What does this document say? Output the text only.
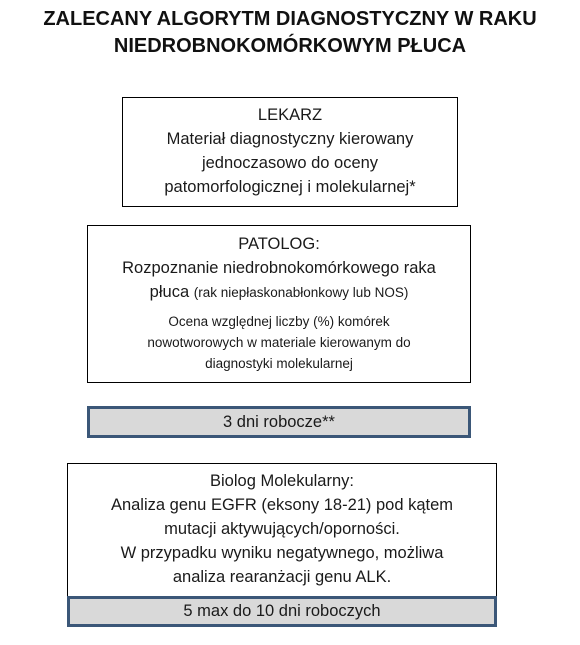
ZALECANY ALGORYTM DIAGNOSTYCZNY W RAKU
NIEDROBNOKOMÓRKOWYM PŁUCA
LEKARZ
Materiał diagnostyczny kierowany
jednoczasowo do oceny
patomorfologicznej i molekularnej*
PATOLOG:
Rozpoznanie niedrobnokomórkowego raka
płuca (rak niepłaskonabłonkowy lub NOS)
Ocena względnej liczby (%) komórek
nowotworowych w materiale kierowanym do
diagnostyki molekularnej
3 dni robocze**
Biolog Molekularny:
Analiza genu EGFR (eksony 18-21) pod kątem
mutacji aktywujących/oporności.
W przypadku wyniku negatywnego, możliwa
analiza rearanżacji genu ALK.
5 max do 10 dni roboczych
